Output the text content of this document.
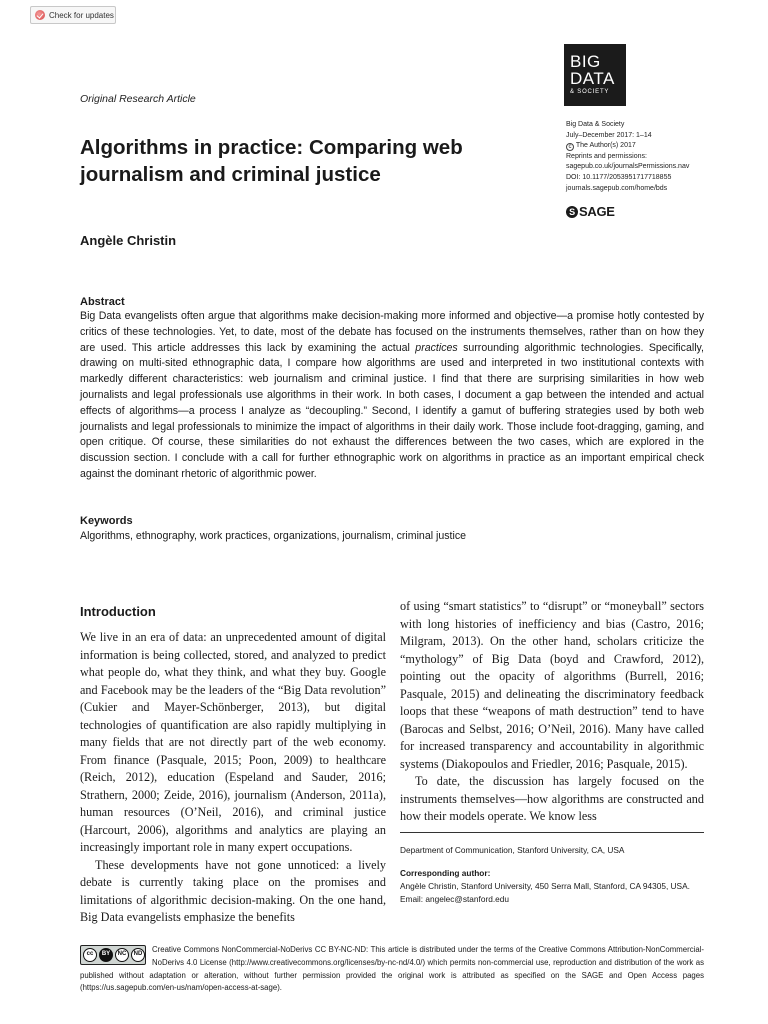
Check for updates
BIG
DATA
& SOCIETY
Original Research Article
Algorithms in practice: Comparing web journalism and criminal justice
Angèle Christin
Big Data & Society
July–December 2017: 1–14
c The Author(s) 2017
Reprints and permissions:
sagepub.co.uk/journalsPermissions.nav
DOI: 10.1177/2053951717718855
journals.sagepub.com/home/bds
S SAGE
Abstract

Big Data evangelists often argue that algorithms make decision-making more informed and objective—a promise hotly contested by critics of these technologies. Yet, to date, most of the debate has focused on the instruments themselves, rather than on how they are used. This article addresses this lack by examining the actual practices surrounding algorithmic technologies. Specifically, drawing on multi-sited ethnographic data, I compare how algorithms are used and interpreted in two institutional contexts with markedly different characteristics: web journalism and criminal justice. I find that there are surprising similarities in how web journalists and legal professionals use algorithms in their work. In both cases, I document a gap between the intended and actual effects of algorithms—a process I analyze as “decoupling.” Second, I identify a gamut of buffering strategies used by both web journalists and legal professionals to minimize the impact of algorithms in their daily work. Those include foot-dragging, gaming, and open critique. Of course, these similarities do not exhaust the differences between the two cases, which are explored in the discussion section. I conclude with a call for further ethnographic work on algorithms in practice as an important empirical check against the dominant rhetoric of algorithmic power.

Keywords
Algorithms, ethnography, work practices, organizations, journalism, criminal justice
Introduction

We live in an era of data: an unprecedented amount of digital information is being collected, stored, and analyzed to predict what people do, what they think, and what they buy. Google and Facebook may be the leaders of the “Big Data revolution” (Cukier and Mayer-Schönberger, 2013), but digital technologies of quantification are also rapidly multiplying in many fields that are not directly part of the web economy. From finance (Pasquale, 2015; Poon, 2009) to healthcare (Reich, 2012), education (Espeland and Sauder, 2016; Strathern, 2000; Zeide, 2016), journalism (Anderson, 2011a), human resources (O’Neil, 2016), and criminal justice (Harcourt, 2006), algorithms and analytics are playing an increasingly important role in many expert occupations.

These developments have not gone unnoticed: a lively debate is currently taking place on the promises and limitations of algorithmic decision-making. On the one hand, Big Data evangelists emphasize the benefits

of using “smart statistics” to “disrupt” or “moneyball” sectors with long histories of inefficiency and bias (Castro, 2016; Milgram, 2013). On the other hand, scholars criticize the “mythology” of Big Data (boyd and Crawford, 2012), pointing out the opacity of algorithms (Burrell, 2016; Pasquale, 2015) and delineating the discriminatory feedback loops that these “weapons of math destruction” tend to have (Barocas and Selbst, 2016; O’Neil, 2016). Many have called for increased transparency and accountability in algorithmic systems (Diakopoulos and Friedler, 2016; Pasquale, 2015).

To date, the discussion has largely focused on the instruments themselves—how algorithms are constructed and how their models operate. We know less

Department of Communication, Stanford University, CA, USA
Corresponding author:
Angèle Christin, Stanford University, 450 Serra Mall, Stanford, CA 94305, USA.
Email: angelec@stanford.edu
cc	BY	NC	ND	Creative Commons NonCommercial-NoDerivs CC BY-NC-ND: This article is distributed under the terms of the Creative Commons Attribution-NonCommercial-NoDerivs 4.0 License (http://www.creativecommons.org/licenses/by-nc-nd/4.0/) which permits non-commercial use, reproduction and distribution of the work as published without adaptation or alteration, without further permission provided the original work is attributed as specified on the SAGE and Open Access pages (https://us.sagepub.com/en-us/nam/open-access-at-sage).
